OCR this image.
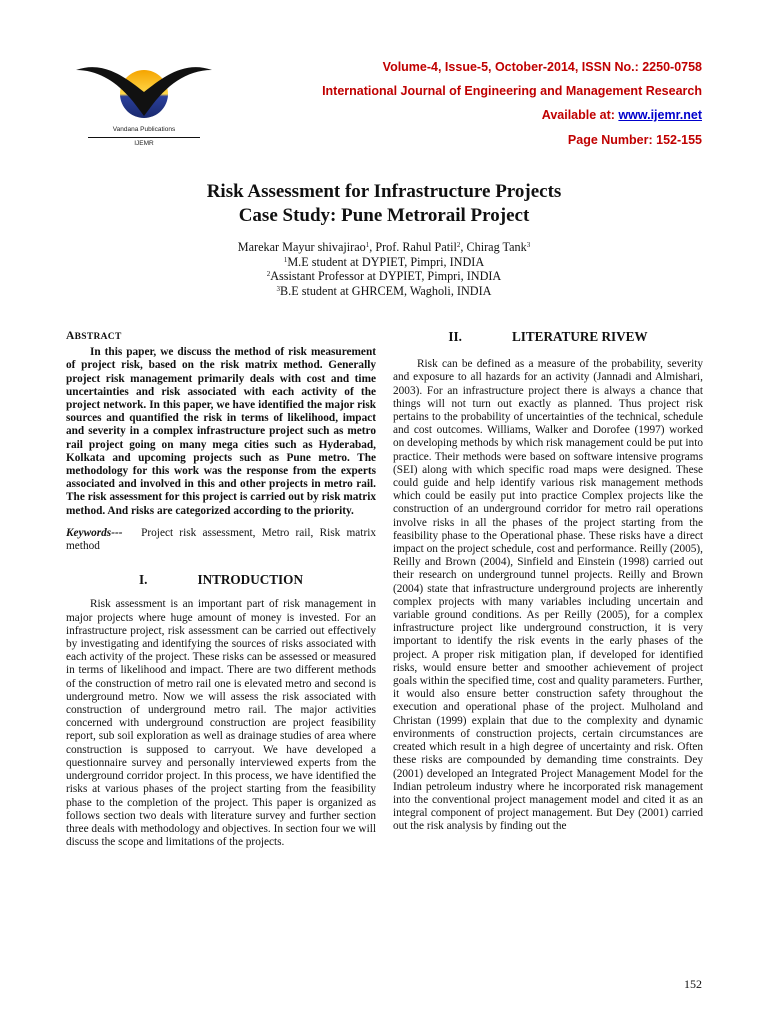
Vandana Publications
IJEMR
Volume-4, Issue-5, October-2014, ISSN No.: 2250-0758
International Journal of Engineering and Management Research
Available at: www.ijemr.net
Page Number: 152-155
Risk Assessment for Infrastructure Projects
Case Study: Pune Metrorail Project
Marekar Mayur shivajirao$^1$, Prof. Rahul Patil$^2$, Chirag Tank$^3$
$^1$M.E student at DYPIET, Pimpri, INDIA
$^2$Assistant Professor at DYPIET, Pimpri, INDIA
$^3$B.E student at GHRCEM, Wagholi, INDIA
ABSTRACT

In this paper, we discuss the method of risk measurement of project risk, based on the risk matrix method. Generally project risk management primarily deals with cost and time uncertainties and risk associated with each activity of the project network. In this paper, we have identified the major risk sources and quantified the risk in terms of likelihood, impact and severity in a complex infrastructure project such as metro rail project going on many mega cities such as Hyderabad, Kolkata and upcoming projects such as Pune metro. The methodology for this work was the response from the experts associated and involved in this and other projects in metro rail. The risk assessment for this project is carried out by risk matrix method. And risks are categorized according to the priority.

Keywords--- Project risk assessment, Metro rail, Risk matrix method

I.	INTRODUCTION

Risk assessment is an important part of risk management in major projects where huge amount of money is invested. For an infrastructure project, risk assessment can be carried out effectively by investigating and identifying the sources of risks associated with each activity of the project. These risks can be assessed or measured in terms of likelihood and impact. There are two different methods of the construction of metro rail one is elevated metro and second is underground metro. Now we will assess the risk associated with construction of underground metro rail. The major activities concerned with underground construction are project feasibility report, sub soil exploration as well as drainage studies of area where construction is supposed to carryout. We have developed a questionnaire survey and personally interviewed experts from the underground corridor project. In this process, we have identified the risks at various phases of the project starting from the feasibility phase to the completion of the project. This paper is organized as follows section two deals with literature survey and further section three deals with methodology and objectives. In section four we will discuss the scope and limitations of the projects.

II.	LITERATURE RIVEW

Risk can be defined as a measure of the probability, severity and exposure to all hazards for an activity (Jannadi and Almishari, 2003). For an infrastructure project there is always a chance that things will not turn out exactly as planned. Thus project risk pertains to the probability of uncertainties of the technical, schedule and cost outcomes. Williams, Walker and Dorofee (1997) worked on developing methods by which risk management could be put into practice. Their methods were based on software intensive programs (SEI) along with which specific road maps were designed. These could guide and help identify various risk management methods which could be easily put into practice Complex projects like the construction of an underground corridor for metro rail operations involve risks in all the phases of the project starting from the feasibility phase to the Operational phase. These risks have a direct impact on the project schedule, cost and performance. Reilly (2005), Reilly and Brown (2004), Sinfield and Einstein (1998) carried out their research on underground tunnel projects. Reilly and Brown (2004) state that infrastructure underground projects are inherently complex projects with many variables including uncertain and variable ground conditions. As per Reilly (2005), for a complex infrastructure project like underground construction, it is very important to identify the risk events in the early phases of the project. A proper risk mitigation plan, if developed for identified risks, would ensure better and smoother achievement of project goals within the specified time, cost and quality parameters. Further, it would also ensure better construction safety throughout the execution and operational phase of the project. Mulholand and Christan (1999) explain that due to the complexity and dynamic environments of construction projects, certain circumstances are created which result in a high degree of uncertainty and risk. Often these risks are compounded by demanding time constraints. Dey (2001) developed an Integrated Project Management Model for the Indian petroleum industry where he incorporated risk management into the conventional project management model and cited it as an integral component of project management. But Dey (2001) carried out the risk analysis by finding out the

152
